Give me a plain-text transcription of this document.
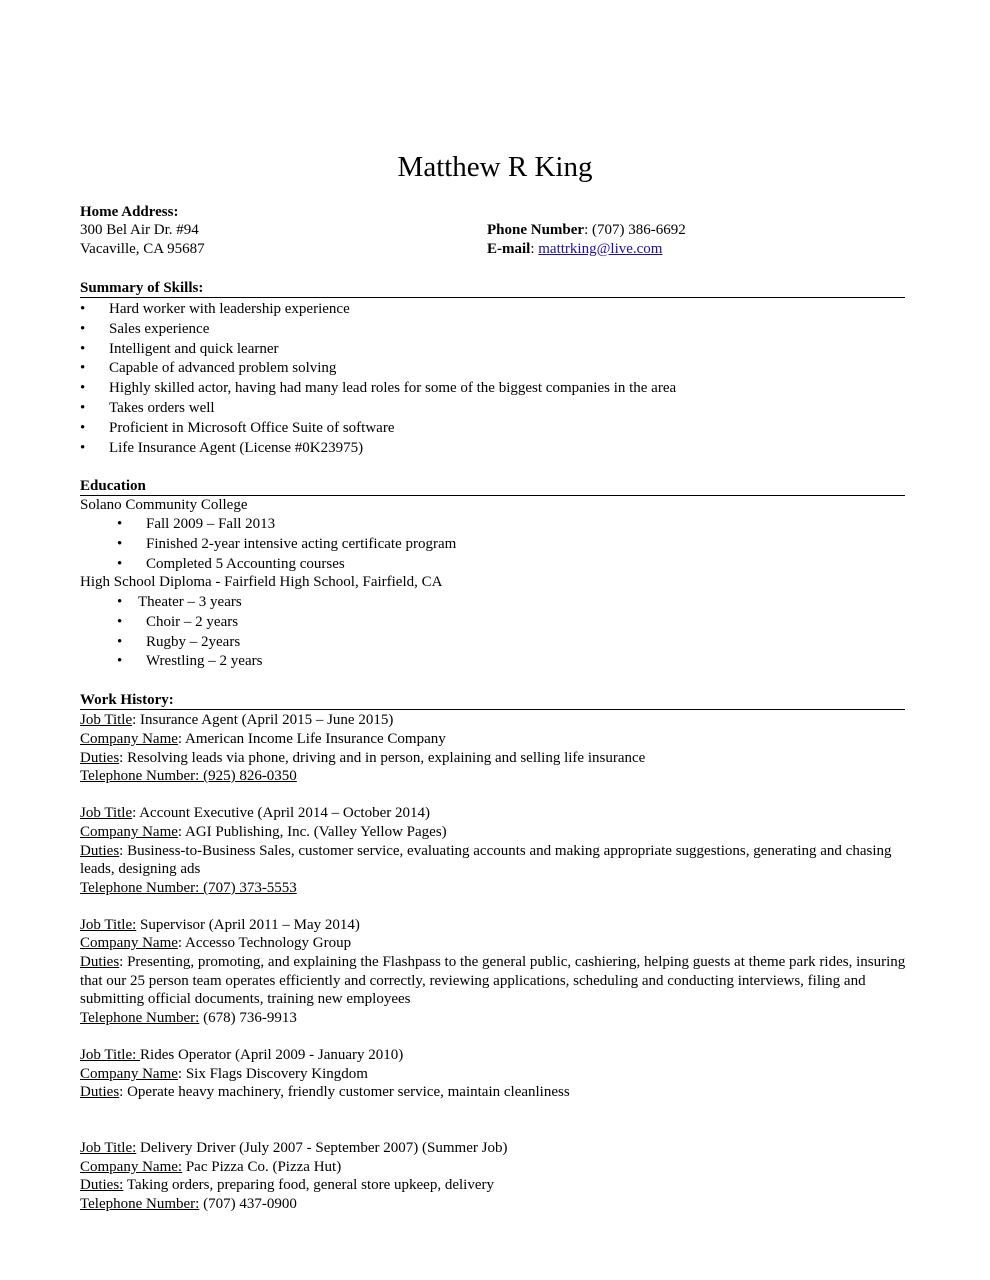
Matthew R King
Home Address:
300 Bel Air Dr. #94
Vacaville, CA 95687
Phone Number: (707) 386-6692
E-mail: mattrking@live.com
Summary of Skills:
• Hard worker with leadership experience
• Sales experience
• Intelligent and quick learner
• Capable of advanced problem solving
• Highly skilled actor, having had many lead roles for some of the biggest companies in the area
• Takes orders well
• Proficient in Microsoft Office Suite of software
• Life Insurance Agent (License #0K23975)
Education
Solano Community College
• Fall 2009 – Fall 2013
• Finished 2-year intensive acting certificate program
• Completed 5 Accounting courses
High School Diploma - Fairfield High School, Fairfield, CA
• Theater – 3 years
• Choir – 2 years
• Rugby – 2years
• Wrestling – 2 years
Work History:
Job Title: Insurance Agent (April 2015 – June 2015)
Company Name: American Income Life Insurance Company
Duties: Resolving leads via phone, driving and in person, explaining and selling life insurance
Telephone Number: (925) 826-0350
Job Title: Account Executive (April 2014 – October 2014)
Company Name: AGI Publishing, Inc. (Valley Yellow Pages)
Duties: Business-to-Business Sales, customer service, evaluating accounts and making appropriate suggestions, generating and chasing leads, designing ads
Telephone Number: (707) 373-5553
Job Title: Supervisor (April 2011 – May 2014)
Company Name: Accesso Technology Group
Duties: Presenting, promoting, and explaining the Flashpass to the general public, cashiering, helping guests at theme park rides, insuring that our 25 person team operates efficiently and correctly, reviewing applications, scheduling and conducting interviews, filing and submitting official documents, training new employees
Telephone Number: (678) 736-9913
Job Title: Rides Operator (April 2009 - January 2010)
Company Name: Six Flags Discovery Kingdom
Duties: Operate heavy machinery, friendly customer service, maintain cleanliness
Job Title: Delivery Driver (July 2007 - September 2007) (Summer Job)
Company Name: Pac Pizza Co. (Pizza Hut)
Duties: Taking orders, preparing food, general store upkeep, delivery
Telephone Number: (707) 437-0900
